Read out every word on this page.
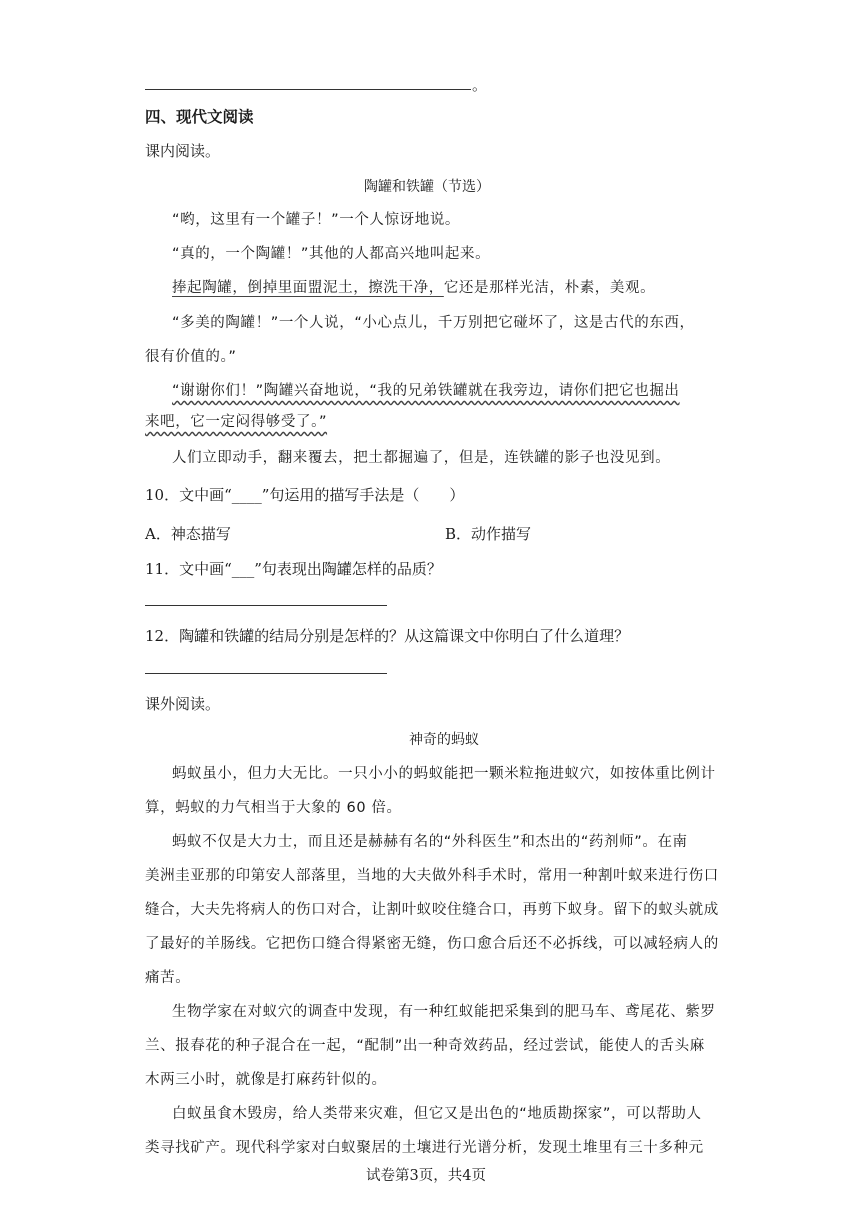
。
四、现代文阅读
课内阅读。
陶罐和铁罐（节选）
“哟，这里有一个罐子！”一个人惊讶地说。
“真的，一个陶罐！”其他的人都高兴地叫起来。
捧起陶罐，倒掉里面盟泥土，擦洗干净，它还是那样光洁，朴素，美观。
“多美的陶罐！”一个人说，“小心点儿，千万别把它碰坏了，这是古代的东西，
很有价值的。”
“谢谢你们！”陶罐兴奋地说，“我的兄弟铁罐就在我旁边，请你们把它也掘出
来吧，它一定闷得够受了。”
人们立即动手，翻来覆去，把土都掘遍了，但是，连铁罐的影子也没见到。
10．文中画“____”句运用的描写手法是（　　）
A．神态描写	B．动作描写
11．文中画“___”句表现出陶罐怎样的品质？
12．陶罐和铁罐的结局分别是怎样的？从这篇课文中你明白了什么道理？
课外阅读。
神奇的蚂蚁
蚂蚁虽小，但力大无比。一只小小的蚂蚁能把一颗米粒拖进蚁穴，如按体重比例计
算，蚂蚁的力气相当于大象的 60 倍。
蚂蚁不仅是大力士，而且还是赫赫有名的“外科医生”和杰出的“药剂师”。在南
美洲圭亚那的印第安人部落里，当地的大夫做外科手术时，常用一种割叶蚁来进行伤口
缝合，大夫先将病人的伤口对合，让割叶蚁咬住缝合口，再剪下蚁身。留下的蚁头就成
了最好的羊肠线。它把伤口缝合得紧密无缝，伤口愈合后还不必拆线，可以减轻病人的
痛苦。
生物学家在对蚁穴的调查中发现，有一种红蚁能把采集到的肥马车、鸢尾花、紫罗
兰、报春花的种子混合在一起，“配制”出一种奇效药品，经过尝试，能使人的舌头麻
木两三小时，就像是打麻药针似的。
白蚁虽食木毁房，给人类带来灾难，但它又是出色的“地质勘探家”，可以帮助人
类寻找矿产。现代科学家对白蚁聚居的土壤进行光谱分析，发现土堆里有三十多种元
试卷第3页，共4页
